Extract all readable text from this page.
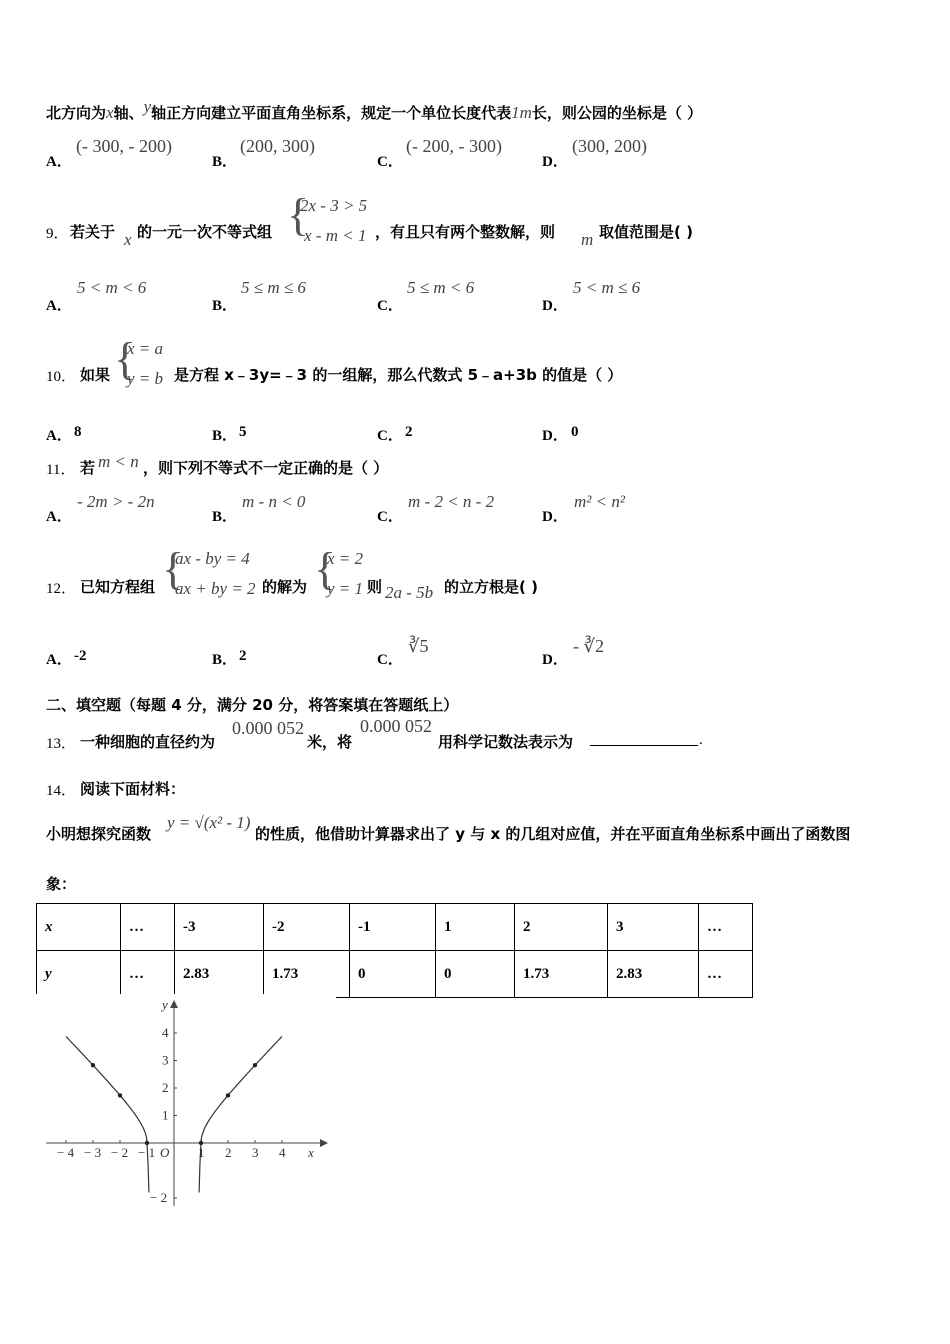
北方向为x轴、y轴正方向建立平面直角坐标系，规定一个单位长度代表1m长，则公园的坐标是（ ）
A．
(- 300, - 200)
B．
(200, 300)
C．
(- 200, - 300)
D．
(300, 200)
9． 若关于 x 的一元一次不等式组 {
2x - 3 > 5
x - m < 1 ，有且只有两个整数解，则 m 取值范围是( )
A．
5 < m < 6
B．
5 ≤ m ≤ 6
C．
5 ≤ m < 6
D．
5 < m ≤ 6
10． 如果 {
x = a
y = b 是方程 x﹣3y=﹣3 的一组解，那么代数式 5﹣a+3b 的值是（ ）
A． 8	B． 5	C． 2	D． 0
11． 若 m < n ，则下列不等式不一定正确的是（ ）
A．
- 2m > - 2n
B．
m - n < 0
C．
m - 2 < n - 2
D．
m² < n²
12． 已知方程组 {
ax - by = 4
ax + by = 2 的解为 {
x = 2
y = 1 则 2a - 5b 的立方根是( )
A． -2	B． 2	C．
∛5
D．
- ∛2
二、填空题（每题 4 分，满分 20 分，将答案填在答题纸上）
13． 一种细胞的直径约为
0.000 052
米，将
0.000 052
用科学记数法表示为	.
14． 阅读下面材料：
小明想探究函数
y = √(x² - 1)
的性质，他借助计算器求出了 y 与 x 的几组对应值，并在平面直角坐标系中画出了函数图
象：
x	…	-3	-2	-1	1	2	3	…
y	…	2.83	1.73	0	0	1.73	2.83	…
x
y
O
− 4 − 3 − 2 − 1	1 2 3 4
4
3
2
1
− 2
